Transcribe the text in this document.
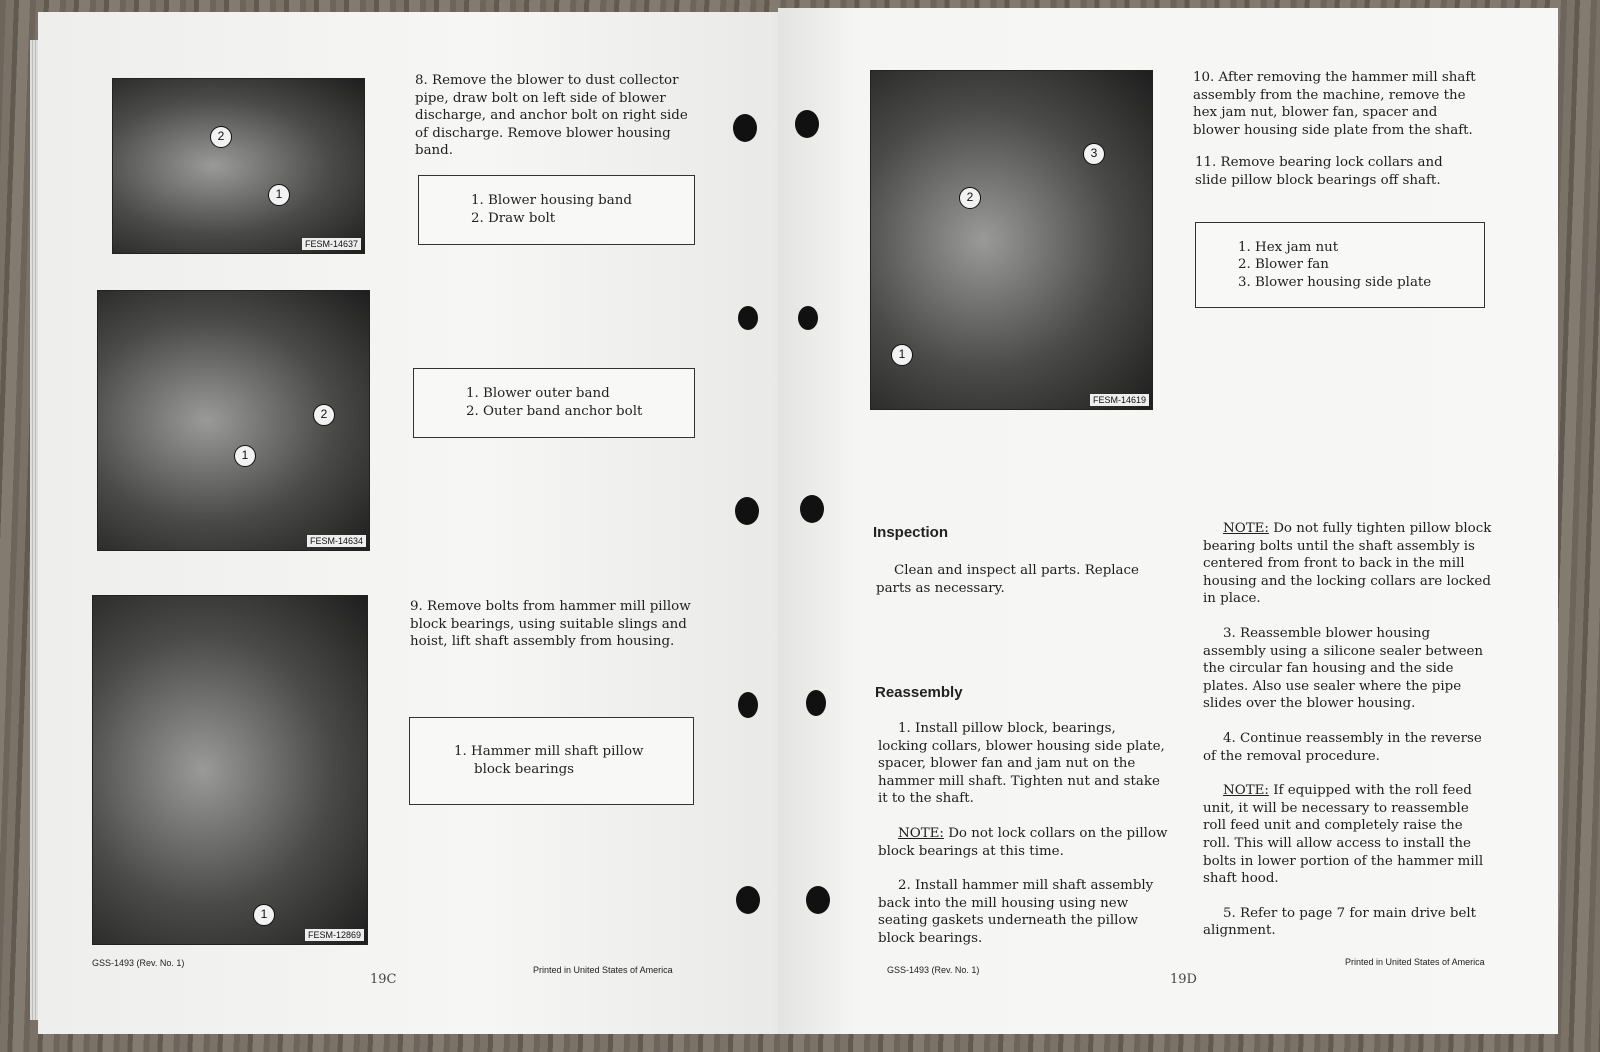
2
1
FESM-14637
2
1
FESM-14634
1
FESM-12869
8. Remove the blower to dust collector pipe, draw bolt on left side of blower discharge, and anchor bolt on right side of discharge. Remove blower housing band.
1. Blower housing band
2. Draw bolt
1. Blower outer band
2. Outer band anchor bolt
9. Remove bolts from hammer mill pillow block bearings, using suitable slings and hoist, lift shaft assembly from housing.
1. Hammer mill shaft pillow
block bearings
GSS-1493 (Rev. No. 1)
19C
Printed in United States of America
3
2
1
FESM-14619
10. After removing the hammer mill shaft assembly from the machine, remove the hex jam nut, blower fan, spacer and blower housing side plate from the shaft.
11. Remove bearing lock collars and slide pillow block bearings off shaft.
1. Hex jam nut
2. Blower fan
3. Blower housing side plate
Inspection
Clean and inspect all parts. Replace parts as necessary.
Reassembly

1. Install pillow block, bearings, locking collars, blower housing side plate, spacer, blower fan and jam nut on the hammer mill shaft. Tighten nut and stake it to the shaft.

NOTE: Do not lock collars on the pillow block bearings at this time.

2. Install hammer mill shaft assembly back into the mill housing using new seating gaskets underneath the pillow block bearings.

NOTE: Do not fully tighten pillow block bearing bolts until the shaft assembly is centered from front to back in the mill housing and the locking collars are locked in place.

3. Reassemble blower housing assembly using a silicone sealer between the circular fan housing and the side plates. Also use sealer where the pipe slides over the blower housing.

4. Continue reassembly in the reverse of the removal procedure.

NOTE: If equipped with the roll feed unit, it will be necessary to reassemble roll feed unit and completely raise the roll. This will allow access to install the bolts in lower portion of the hammer mill shaft hood.

5. Refer to page 7 for main drive belt alignment.

GSS-1493 (Rev. No. 1)
19D
Printed in United States of America
